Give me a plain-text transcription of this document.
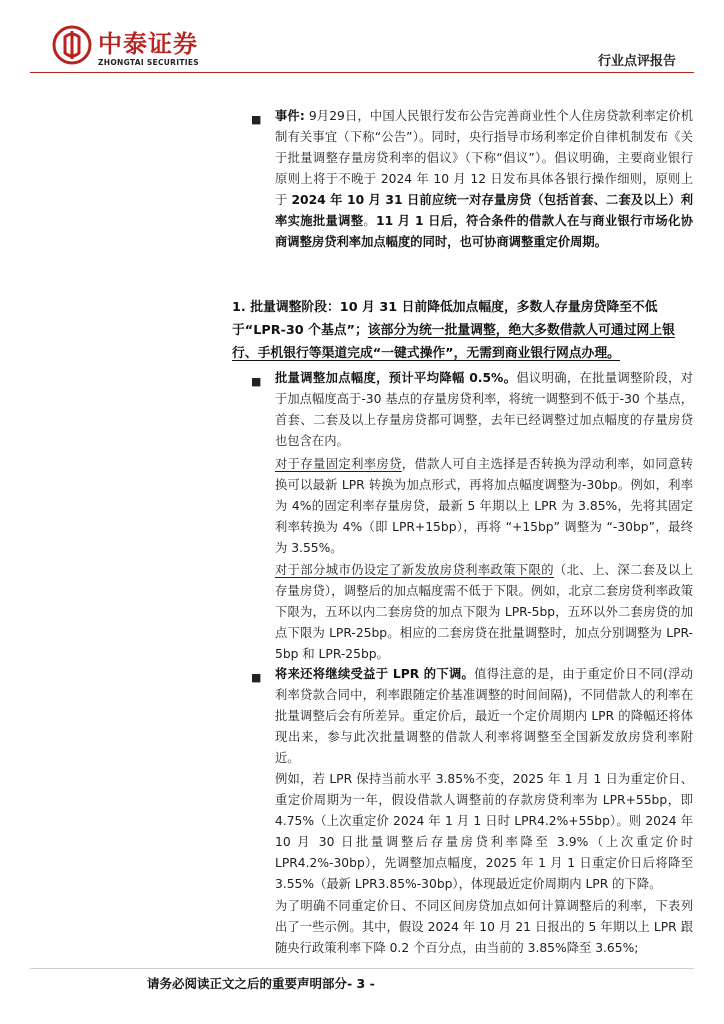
中泰证券
ZHONGTAI SECURITIES	行业点评报告
■ 事件: 9月29日，中国人民银行发布公告完善商业性个人住房贷款利率定价机制有关事宜（下称“公告”）。同时，央行指导市场利率定价自律机制发布《关于批量调整存量房贷利率的倡议》（下称“倡议”）。倡议明确，主要商业银行原则上将于不晚于 2024 年 10 月 12 日发布具体各银行操作细则，原则上于 2024 年 10 月 31 日前应统一对存量房贷（包括首套、二套及以上）利率实施批量调整。11 月 1 日后，符合条件的借款人在与商业银行市场化协商调整房贷利率加点幅度的同时，也可协商调整重定价周期。
1. 批量调整阶段：10 月 31 日前降低加点幅度，多数人存量房贷降至不低于“LPR-30 个基点”；该部分为统一批量调整，绝大多数借款人可通过网上银行、手机银行等渠道完成“一键式操作”，无需到商业银行网点办理。
■ 批量调整加点幅度，预计平均降幅 0.5%。倡议明确，在批量调整阶段，对于加点幅度高于-30 基点的存量房贷利率，将统一调整到不低于-30 个基点，首套、二套及以上存量房贷都可调整，去年已经调整过加点幅度的存量房贷也包含在内。
对于存量固定利率房贷，借款人可自主选择是否转换为浮动利率，如同意转换可以最新 LPR 转换为加点形式，再将加点幅度调整为-30bp。例如，利率为 4%的固定利率存量房贷，最新 5 年期以上 LPR 为 3.85%，先将其固定利率转换为 4%（即 LPR+15bp），再将 “+15bp” 调整为 “-30bp”，最终为 3.55%。
对于部分城市仍设定了新发放房贷利率政策下限的（北、上、深二套及以上存量房贷），调整后的加点幅度需不低于下限。例如，北京二套房贷利率政策下限为，五环以内二套房贷的加点下限为 LPR-5bp，五环以外二套房贷的加点下限为 LPR-25bp。相应的二套房贷在批量调整时，加点分别调整为 LPR-5bp 和 LPR-25bp。
■ 将来还将继续受益于 LPR 的下调。值得注意的是，由于重定价日不同(浮动利率贷款合同中，利率跟随定价基准调整的时间间隔)，不同借款人的利率在批量调整后会有所差异。重定价后，最近一个定价周期内 LPR 的降幅还将体现出来，参与此次批量调整的借款人利率将调整至全国新发放房贷利率附近。
例如，若 LPR 保持当前水平 3.85%不变，2025 年 1 月 1 日为重定价日、重定价周期为一年，假设借款人调整前的存款房贷利率为 LPR+55bp，即 4.75%（上次重定价 2024 年 1 月 1 日时 LPR4.2%+55bp）。则 2024 年 10 月 30 日批量调整后存量房贷利率降至 3.9%（上次重定价时 LPR4.2%-30bp），先调整加点幅度，2025 年 1 月 1 日重定价日后将降至 3.55%（最新 LPR3.85%-30bp），体现最近定价周期内 LPR 的下降。
为了明确不同重定价日、不同区间房贷加点如何计算调整后的利率，下表列出了一些示例。其中，假设 2024 年 10 月 21 日报出的 5 年期以上 LPR 跟随央行政策利率下降 0.2 个百分点，由当前的 3.85%降至 3.65%;
请务必阅读正文之后的重要声明部分- 3 -
